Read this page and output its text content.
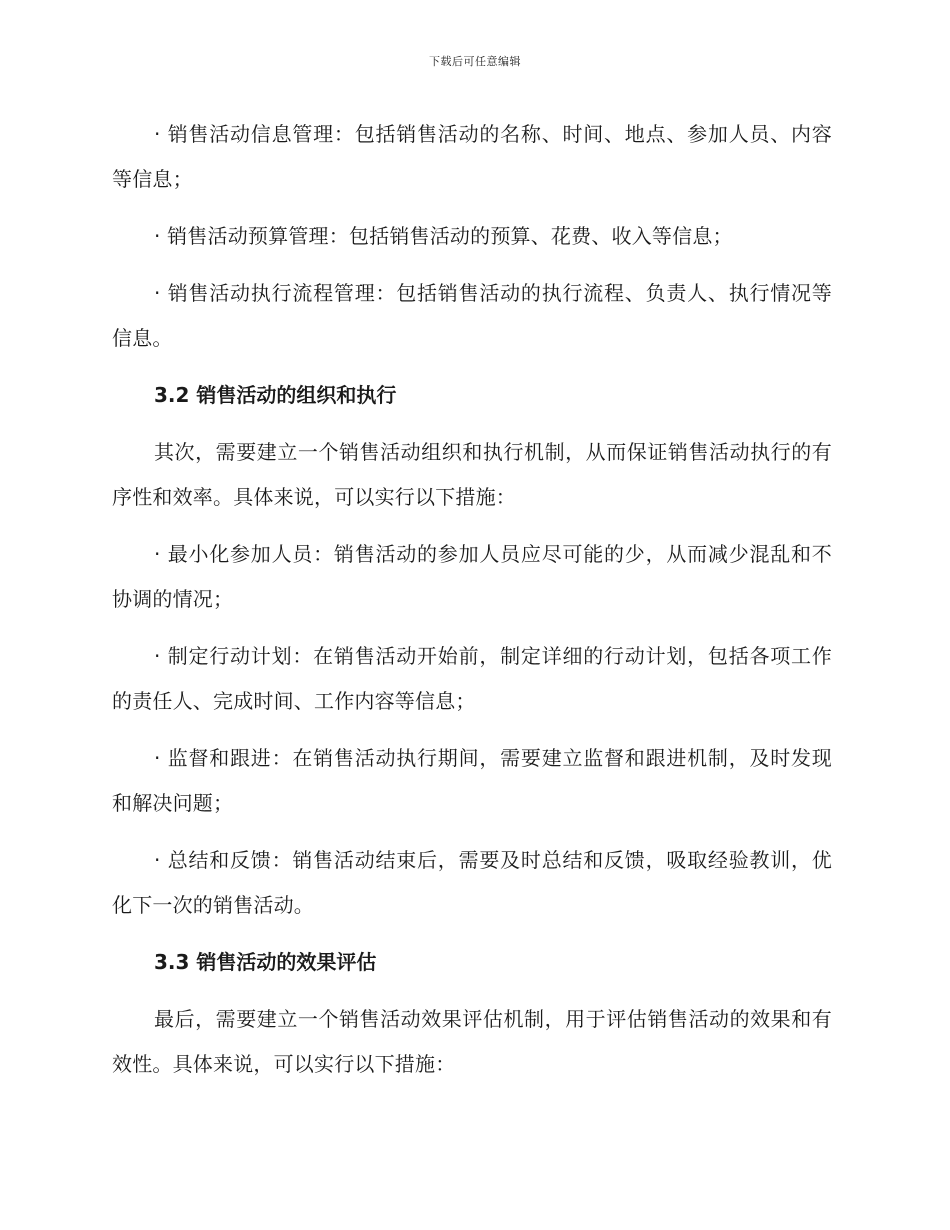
下载后可任意编辑

· 销售活动信息管理：包括销售活动的名称、时间、地点、参加人员、内容等信息；

· 销售活动预算管理：包括销售活动的预算、花费、收入等信息；

· 销售活动执行流程管理：包括销售活动的执行流程、负责人、执行情况等信息。

3.2 销售活动的组织和执行

其次，需要建立一个销售活动组织和执行机制，从而保证销售活动执行的有序性和效率。具体来说，可以实行以下措施：

· 最小化参加人员：销售活动的参加人员应尽可能的少，从而减少混乱和不协调的情况；

· 制定行动计划：在销售活动开始前，制定详细的行动计划，包括各项工作的责任人、完成时间、工作内容等信息；

· 监督和跟进：在销售活动执行期间，需要建立监督和跟进机制，及时发现和解决问题；

· 总结和反馈：销售活动结束后，需要及时总结和反馈，吸取经验教训，优化下一次的销售活动。

3.3 销售活动的效果评估

最后，需要建立一个销售活动效果评估机制，用于评估销售活动的效果和有效性。具体来说，可以实行以下措施：
